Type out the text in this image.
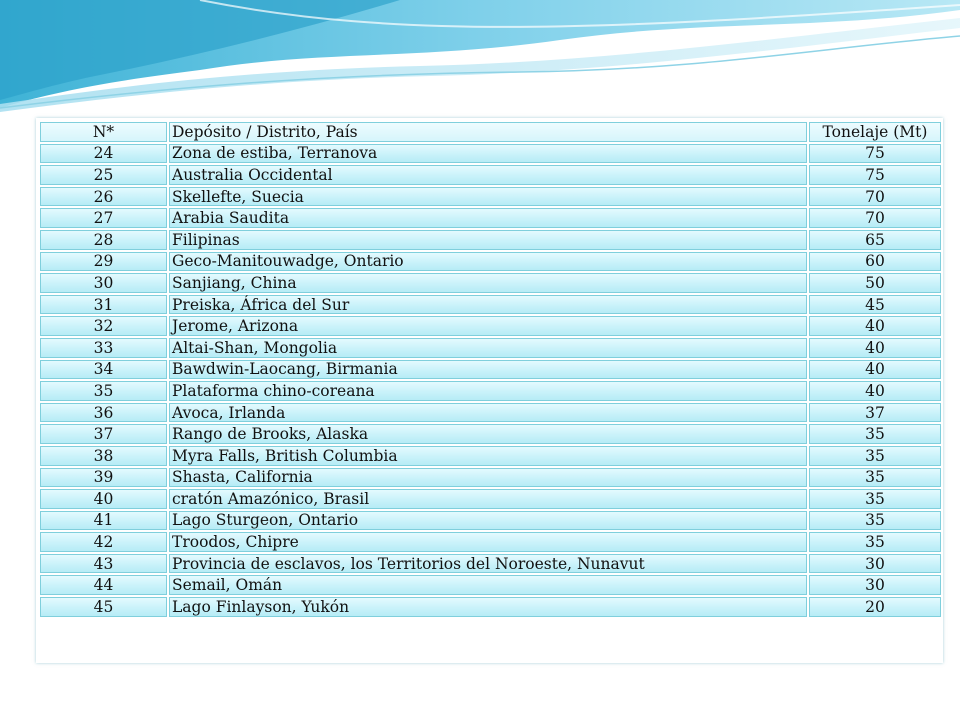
N*	Depósito / Distrito, País	Tonelaje (Mt)
24	Zona de estiba, Terranova	75
25	Australia Occidental	75
26	Skellefte, Suecia	70
27	Arabia Saudita	70
28	Filipinas	65
29	Geco-Manitouwadge, Ontario	60
30	Sanjiang, China	50
31	Preiska, África del Sur	45
32	Jerome, Arizona	40
33	Altai-Shan, Mongolia	40
34	Bawdwin-Laocang, Birmania	40
35	Plataforma chino-coreana	40
36	Avoca, Irlanda	37
37	Rango de Brooks, Alaska	35
38	Myra Falls, British Columbia	35
39	Shasta, California	35
40	cratón Amazónico, Brasil	35
41	Lago Sturgeon, Ontario	35
42	Troodos, Chipre	35
43	Provincia de esclavos, los Territorios del Noroeste, Nunavut	30
44	Semail, Omán	30
45	Lago Finlayson, Yukón	20
